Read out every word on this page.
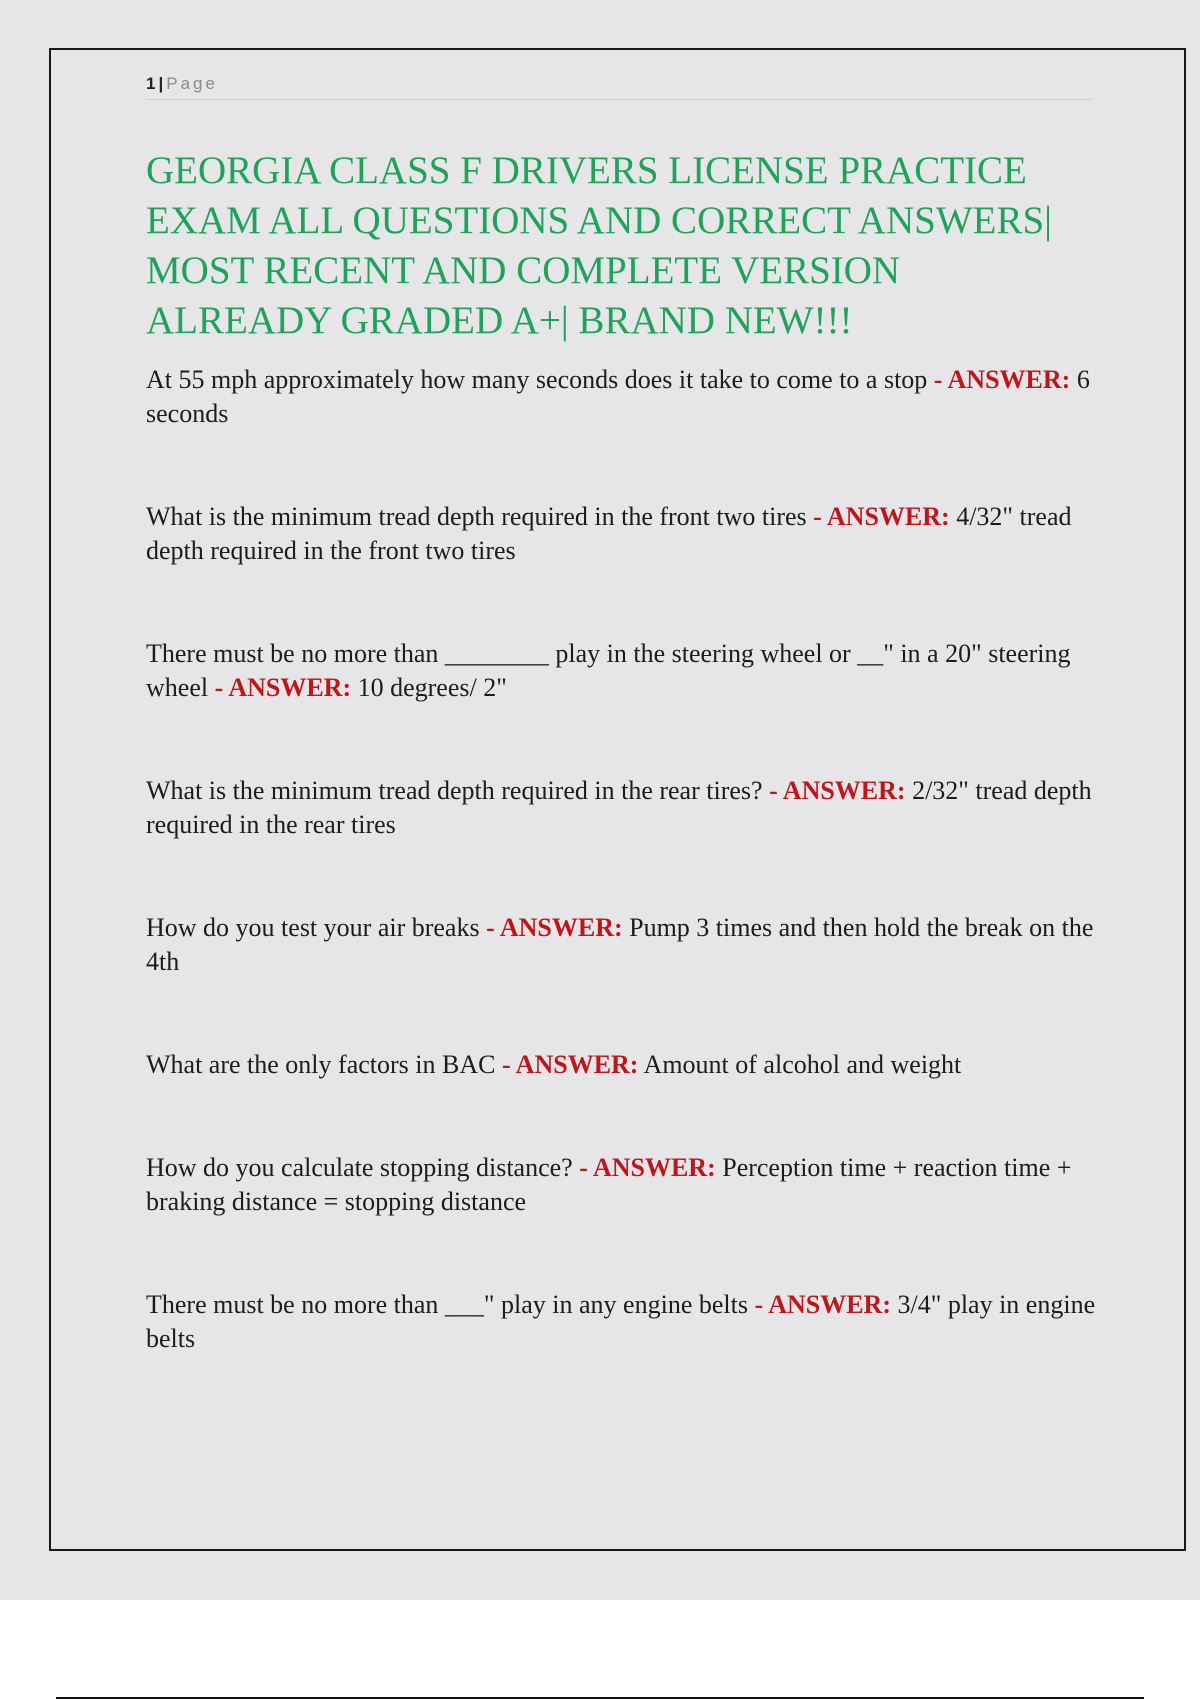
1 | Page
GEORGIA CLASS F DRIVERS LICENSE PRACTICE EXAM ALL QUESTIONS AND CORRECT ANSWERS| MOST RECENT AND COMPLETE VERSION ALREADY GRADED A+| BRAND NEW!!!

At 55 mph approximately how many seconds does it take to come to a stop - ANSWER: 6 seconds

What is the minimum tread depth required in the front two tires - ANSWER: 4/32" tread depth required in the front two tires

There must be no more than ________ play in the steering wheel or __" in a 20" steering wheel - ANSWER: 10 degrees/ 2"

What is the minimum tread depth required in the rear tires? - ANSWER: 2/32" tread depth required in the rear tires

How do you test your air breaks - ANSWER: Pump 3 times and then hold the break on the 4th

What are the only factors in BAC - ANSWER: Amount of alcohol and weight

How do you calculate stopping distance? - ANSWER: Perception time + reaction time + braking distance = stopping distance

There must be no more than ___" play in any engine belts - ANSWER: 3/4" play in engine belts
